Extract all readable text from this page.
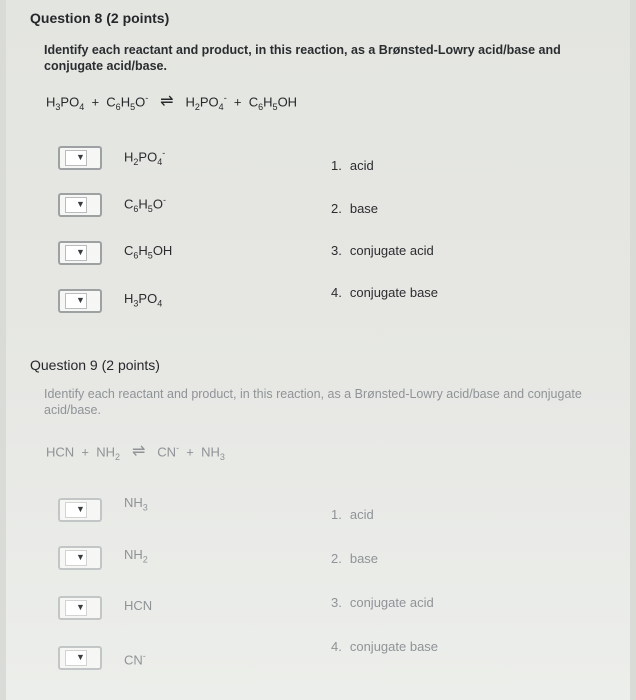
Question 8 (2 points)
Identify each reactant and product, in this reaction, as a Brønsted-Lowry acid/base and conjugate acid/base.
$H_3PO_4 + C_6H_5O^-$ ⇌ $H_2PO_4^- + C_6H_5OH$
▼	$H_2PO_4^-$
▼	$C_6H_5O^-$
▼	$C_6H_5OH$
▼	$H_3PO_4$
1. acid
2. base
3. conjugate acid
4. conjugate base
Question 9 (2 points)
Identify each reactant and product, in this reaction, as a Brønsted-Lowry acid/base and conjugate acid/base.
HCN + $NH_2$ ⇌ $CN^- + NH_3$
▼	$NH_3$
▼	$NH_2$
▼	HCN
▼	CN-
1. acid
2. base
3. conjugate acid
4. conjugate base
